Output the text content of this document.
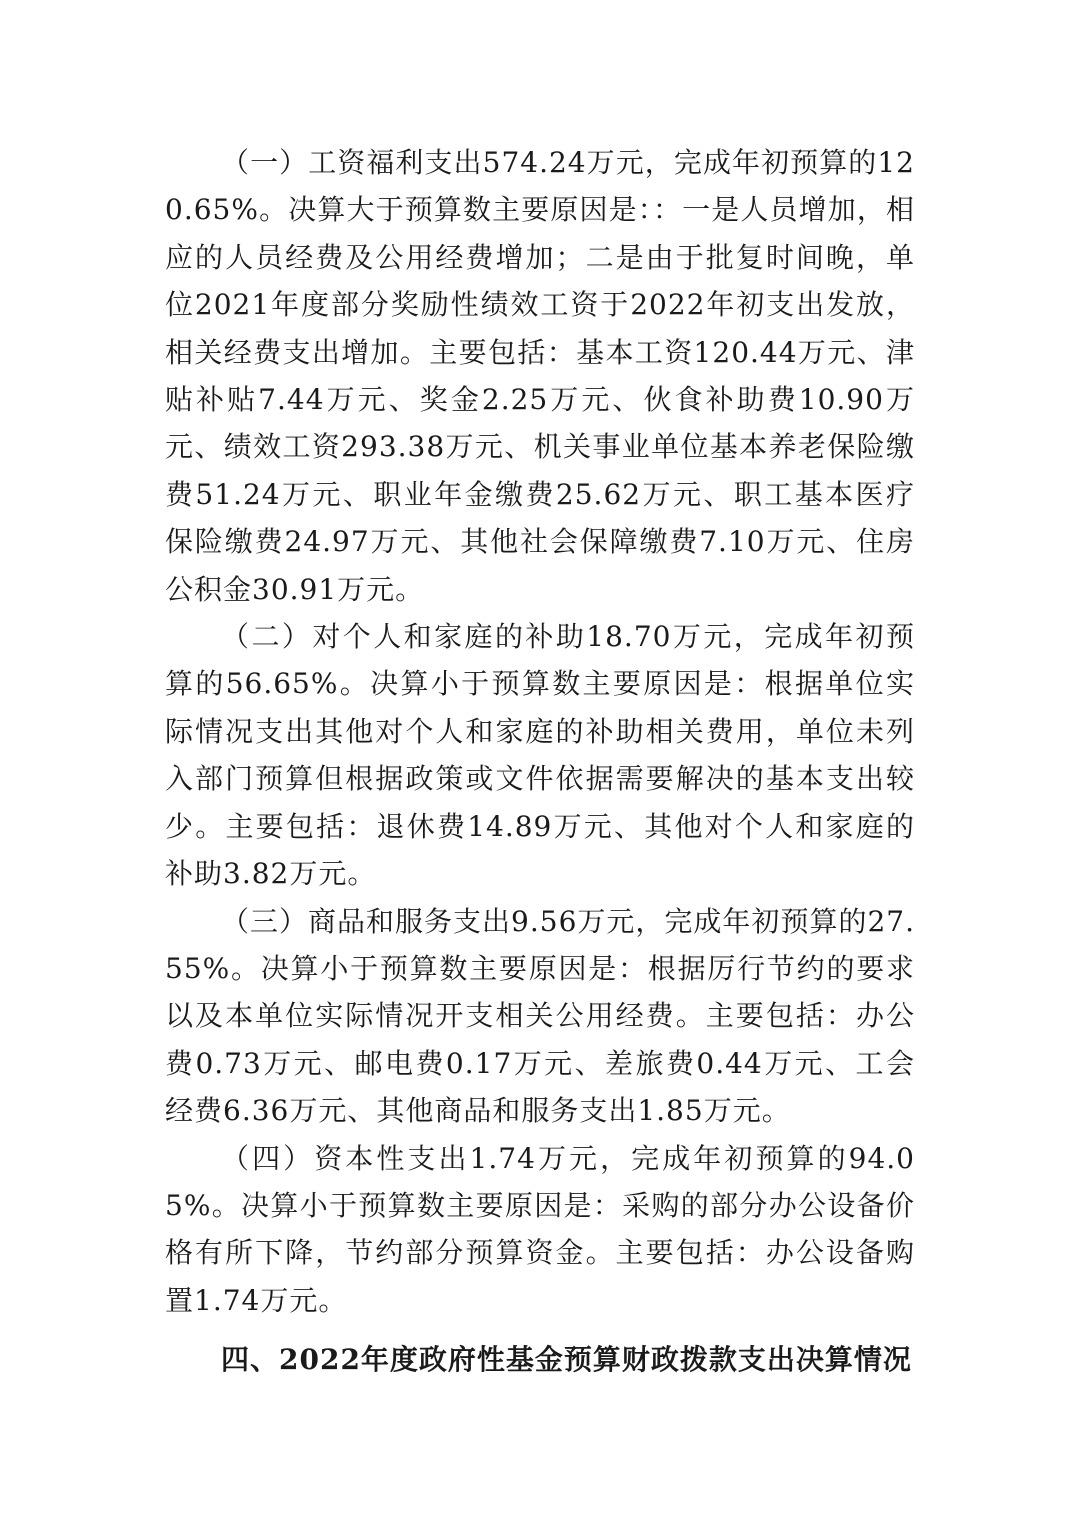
（一）工资福利支出574.24万元，完成年初预算的120.65%。决算大于预算数主要原因是：：一是人员增加，相应的人员经费及公用经费增加；二是由于批复时间晚，单位2021年度部分奖励性绩效工资于2022年初支出发放，相关经费支出增加。主要包括：基本工资120.44万元、津贴补贴7.44万元、奖金2.25万元、伙食补助费10.90万元、绩效工资293.38万元、机关事业单位基本养老保险缴费51.24万元、职业年金缴费25.62万元、职工基本医疗保险缴费24.97万元、其他社会保障缴费7.10万元、住房公积金30.91万元。

（二）对个人和家庭的补助18.70万元，完成年初预算的56.65%。决算小于预算数主要原因是：根据单位实际情况支出其他对个人和家庭的补助相关费用，单位未列入部门预算但根据政策或文件依据需要解决的基本支出较少。主要包括：退休费14.89万元、其他对个人和家庭的补助3.82万元。

（三）商品和服务支出9.56万元，完成年初预算的27.55%。决算小于预算数主要原因是：根据厉行节约的要求以及本单位实际情况开支相关公用经费。主要包括：办公费0.73万元、邮电费0.17万元、差旅费0.44万元、工会经费6.36万元、其他商品和服务支出1.85万元。

（四）资本性支出1.74万元，完成年初预算的94.05%。决算小于预算数主要原因是：采购的部分办公设备价格有所下降，节约部分预算资金。主要包括：办公设备购置1.74万元。

四、2022年度政府性基金预算财政拨款支出决算情况
